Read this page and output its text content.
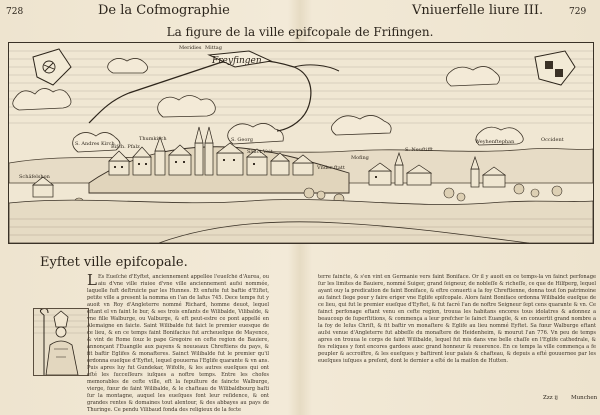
728	De la Cofmographie	Vniuerfelle liure III.	729
La figure de la ville epifcopale de Frifingen.
Freyfingen
Meridies Mittag
Schäfelshon
S. Andres Kirch
Bifch. Pfalz
Thumkirch	S. Georg
Sanct Veit
Vnder ftatt
Mofing
S. Neuftifft
Weyhenftephan	Occident
Eyftet ville epifcopale.
L Es Eueſché d'Eyftet, anciennement appellée l'eueſché d'Aurea, ou aiu d'vne ville riuiee d'vne ville anciennement aufsi nommée, laquelle fuft deſtruicte par les Hunnes. Et enfuite fut baftie d'Eiſtet, petite ville a present la nomma en l'an de Iafus 745. Dece temps fut y auoit vn Roy d'Angleterre nommé Richard, homme deuot, lequel eftant el vn faint Ie bur, & ses trois enfants de Wilibalde, Vilibalde, & vne fille Walburge, ou Valburge, & eft peut-estre ce pont appellé en Alemaigne en faicte. Saint Wilibalde fut faict le premier euesque de ce lieu, & en ce temps faint Bonifacius fut archeueſque de Mayence, & vint de Rome ſouz le pape Gregoire en cefte region de Bauiere, annonçant l'Euangile aux payens & nouueaux Chreftiens du pays, & fit baftir Eglifes & monafteres. Sainct Wilibalde fut le premier qu'il ordonna eueſque d'Eyftet, lequel gouuerna l'Eglife quarante & vn ans. Puis apres luy fut Gundekar, Wifolfe, & les autres eueſques qui ont eſté les ſucceſſeurs iuſques a noftre temps. Entre les chofes memorables de cefte ville, eft la fepulture de faincte Walburge, vierge, fœur de faint Wilibalde, & le chafteau de Wilibaldbourg baſti ſur la montagne, auquel les eueſques font leur reſidence, & ont grandes rentes & domaines tout alentour, & des abbayes au pays de Thuringe. Ce pendu Vilibaud fonda des religieux de la fecte
terre fainčte, & s'en vint en Germanie vers faint Boniface. Or il y auoit en ce temps-la vn fainct perfonage ſur les limites de Bauiere, nommé Suiger, grand ſeigneur, de nobleſſe & richeſſe, ce que de Hilfperg, lequel ayant ouy la predication de faint Boniface, & eftre conuerti a la foy Chreftienne, donna tout ſon patrimoine au fainct ſiege pour y faire eriger vne Eglife epifcopale. Alors faint Boniface ordonna Wilibalde eueſque de ce lieu, qui fut le premier eueſque d'Eyftet, & fut facré l'an de noftre Seigneur ſept cens quarante & vn. Ce fainct perfonage eftant venu en cefte region, trouua les habitans encores tous idolatres & adonnez a beaucoup de ſuperſtitions, & commença a leur prefcher le ſainct Euangile, & en conuertit grand nombre a la foy de Ieſus Chriſt, & fit baftir vn monaſtere & Eglife au lieu nommé Eyftet. Sa fœur Walburge eftant auſsi venue d'Angleterre fut abbeſſe du monaſtere de Heidenheim, & mourut l'an 776. Vn peu de temps apres on trouua le corps de faint Wilibalde, lequel fut mis dans vne belle chaſſe en l'Eglife cathedrale, & fes reliques y font encores gardees auec grand honneur & reuerence. En ce temps la ville commença a fe peupler & accroiftre, & les eueſques y baftirent leur palais & chafteau, & depuis a efté gouuernee par les eueſques iuſques a preſent, dont le dernier a eſté de la maiſon de Hutten.
Zzz ij Munchen
